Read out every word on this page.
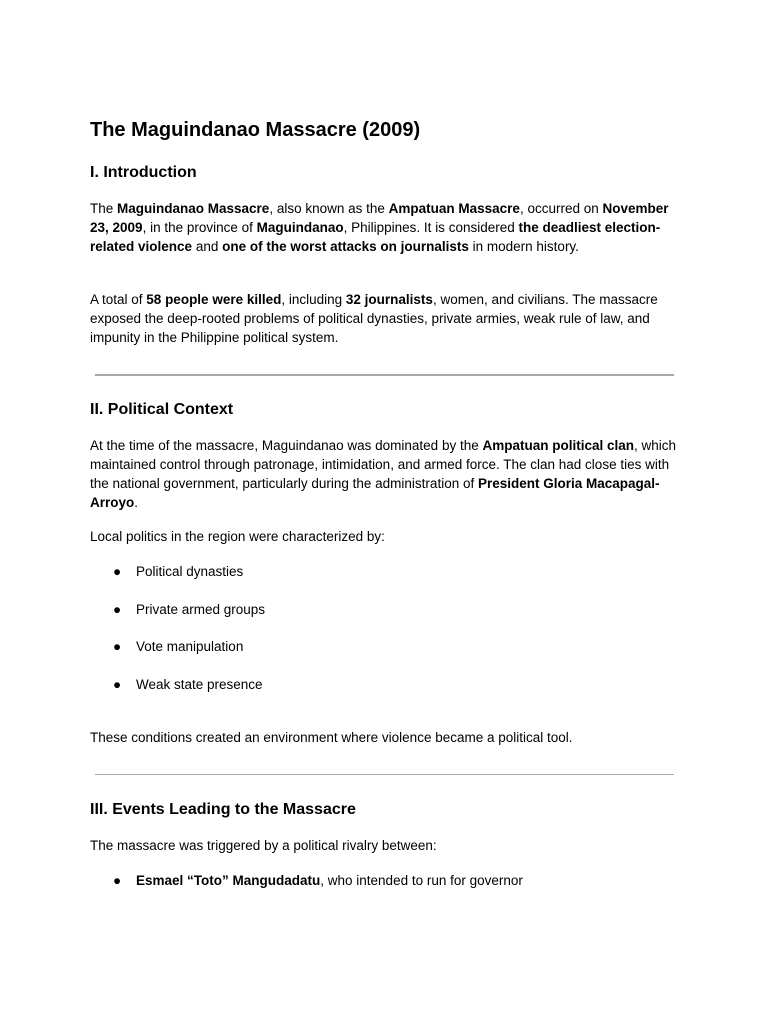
The Maguindanao Massacre (2009)
I. Introduction

The Maguindanao Massacre, also known as the Ampatuan Massacre, occurred on November 23, 2009, in the province of Maguindanao, Philippines. It is considered the deadliest election-related violence and one of the worst attacks on journalists in modern history.

A total of 58 people were killed, including 32 journalists, women, and civilians. The massacre exposed the deep-rooted problems of political dynasties, private armies, weak rule of law, and impunity in the Philippine political system.

II. Political Context

At the time of the massacre, Maguindanao was dominated by the Ampatuan political clan, which maintained control through patronage, intimidation, and armed force. The clan had close ties with the national government, particularly during the administration of President Gloria Macapagal-Arroyo.

Local politics in the region were characterized by:

● Political dynasties
● Private armed groups
● Vote manipulation
● Weak state presence

These conditions created an environment where violence became a political tool.

III. Events Leading to the Massacre

The massacre was triggered by a political rivalry between:

● Esmael “Toto” Mangudadatu, who intended to run for governor
